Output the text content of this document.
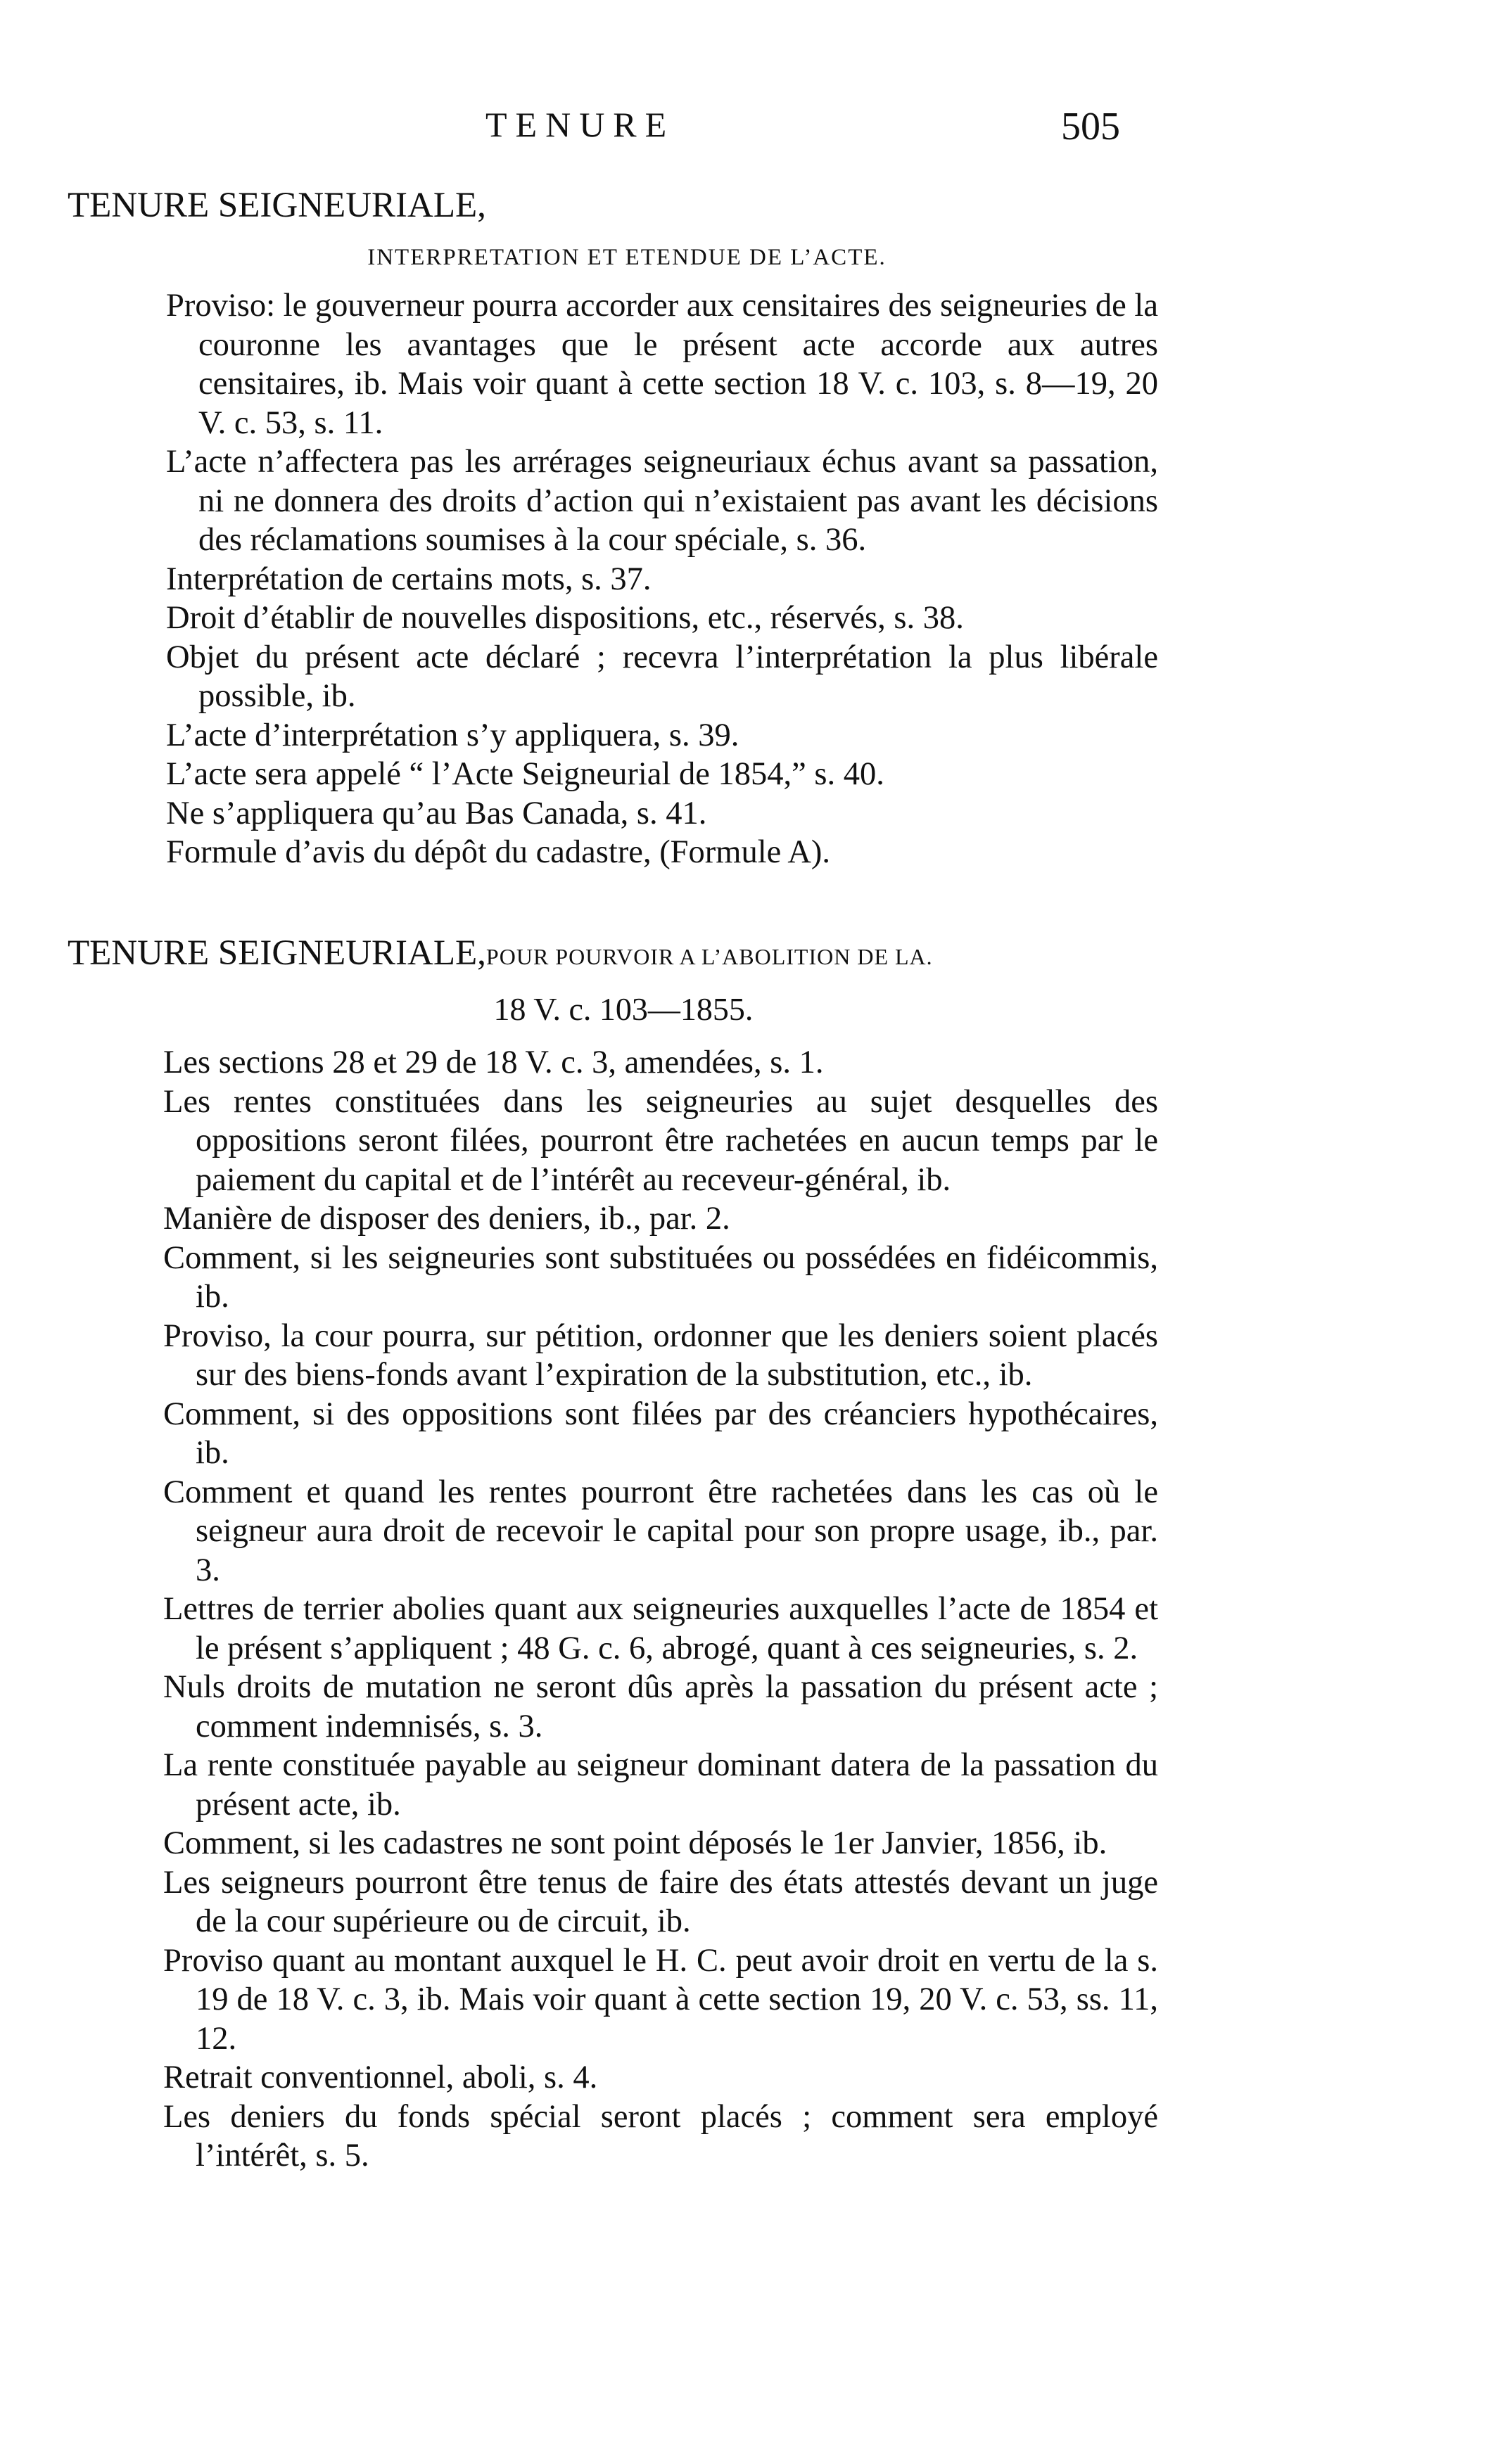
TENURE	505
TENURE SEIGNEURIALE,
INTERPRETATION ET ETENDUE DE L’ACTE.
Proviso: le gouverneur pourra accorder aux censitaires des seigneuries de la couronne les avantages que le présent acte accorde aux autres censitaires, ib. Mais voir quant à cette section 18 V. c. 103, s. 8—19, 20 V. c. 53, s. 11.
L’acte n’affectera pas les arrérages seigneuriaux échus avant sa passation, ni ne donnera des droits d’action qui n’existaient pas avant les décisions des réclamations soumises à la cour spéciale, s. 36.
Interprétation de certains mots, s. 37.
Droit d’établir de nouvelles dispositions, etc., réservés, s. 38.
Objet du présent acte déclaré ; recevra l’interprétation la plus libérale possible, ib.
L’acte d’interprétation s’y appliquera, s. 39.
L’acte sera appelé “ l’Acte Seigneurial de 1854,” s. 40.
Ne s’appliquera qu’au Bas Canada, s. 41.
Formule d’avis du dépôt du cadastre, (Formule A).
TENURE SEIGNEURIALE,POUR POURVOIR A L’ABOLITION DE LA.
18 V. c. 103—1855.
Les sections 28 et 29 de 18 V. c. 3, amendées, s. 1.
Les rentes constituées dans les seigneuries au sujet desquelles des oppositions seront filées, pourront être rachetées en aucun temps par le paiement du capital et de l’intérêt au receveur-général, ib.
Manière de disposer des deniers, ib., par. 2.
Comment, si les seigneuries sont substituées ou possédées en fidéicommis, ib.
Proviso, la cour pourra, sur pétition, ordonner que les deniers soient placés sur des biens-fonds avant l’expiration de la substitution, etc., ib.
Comment, si des oppositions sont filées par des créanciers hypothécaires, ib.
Comment et quand les rentes pourront être rachetées dans les cas où le seigneur aura droit de recevoir le capital pour son propre usage, ib., par. 3.
Lettres de terrier abolies quant aux seigneuries auxquelles l’acte de 1854 et le présent s’appliquent ; 48 G. c. 6, abrogé, quant à ces seigneuries, s. 2.
Nuls droits de mutation ne seront dûs après la passation du présent acte ; comment indemnisés, s. 3.
La rente constituée payable au seigneur dominant datera de la passation du présent acte, ib.
Comment, si les cadastres ne sont point déposés le 1er Janvier, 1856, ib.
Les seigneurs pourront être tenus de faire des états attestés devant un juge de la cour supérieure ou de circuit, ib.
Proviso quant au montant auxquel le H. C. peut avoir droit en vertu de la s. 19 de 18 V. c. 3, ib. Mais voir quant à cette section 19, 20 V. c. 53, ss. 11, 12.
Retrait conventionnel, aboli, s. 4.
Les deniers du fonds spécial seront placés ; comment sera employé l’intérêt, s. 5.
